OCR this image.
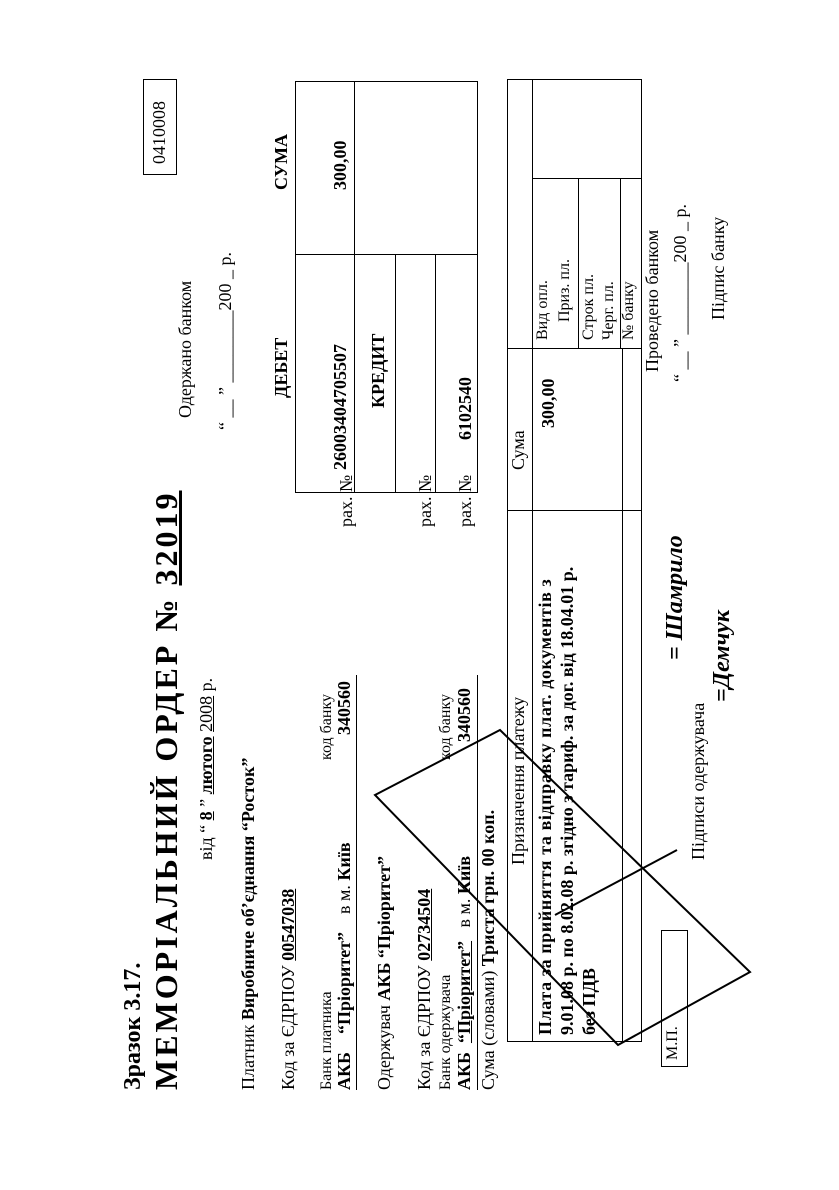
Зразок 3.17. МЕМОРІАЛЬНИЙ ОРДЕР № 32019
0410008
від “ 8 ” лютого 2008 р.
Одержано банком “ __ ” ________200 _ р.
Платник Виробниче об’єднання “Росток”
Код за ЄДРПОУ 00547038
Банк платника
код банку
АКБ    “Пріоритет”    в м. Київ
340560
рах. №
Одержувач АКБ “Пріоритет”
Код за ЄДРПОУ 02734504
рах. №
Банк одержувача
код банку
АКБ  “Пріоритет”   в м. Київ
340560
рах. №
Сума (словами) Триста грн. 00 коп.
ДЕБЕТ
СУМА
26003404705507
300,00
КРЕДИТ
6102540
Призначення платежу
Сума
Плата за прийняття та відправку плат. документів з 9.01.08 р. по 8.02.08 р. згідно з тариф. за дог. від 18.04.01 р. без ПДВ
300,00
Вид опл. Приз. пл. Строк пл. Черг. пл. № банку
М.П.
Підписи одержувача
= Шамрило =Демчук
Проведено банком “ __ ” ________200 _ р. Підпис банку
